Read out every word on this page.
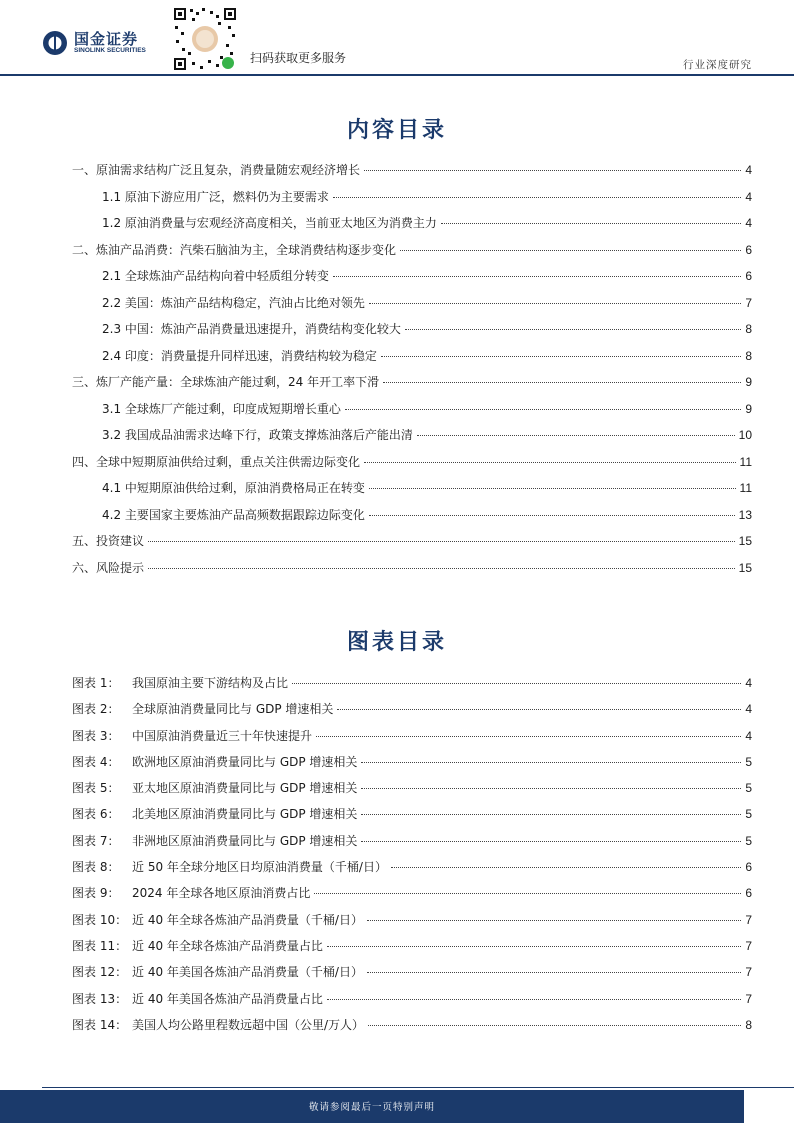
国金证券
SINOLINK SECURITIES
扫码获取更多服务	行业深度研究
内容目录
一、原油需求结构广泛且复杂，消费量随宏观经济增长	4
1.1 原油下游应用广泛，燃料仍为主要需求	4
1.2 原油消费量与宏观经济高度相关，当前亚太地区为消费主力	4
二、炼油产品消费：汽柴石脑油为主，全球消费结构逐步变化	6
2.1 全球炼油产品结构向着中轻质组分转变	6
2.2 美国：炼油产品结构稳定，汽油占比绝对领先	7
2.3 中国：炼油产品消费量迅速提升，消费结构变化较大	8
2.4 印度：消费量提升同样迅速，消费结构较为稳定	8
三、炼厂产能产量：全球炼油产能过剩，24 年开工率下滑	9
3.1 全球炼厂产能过剩，印度成短期增长重心	9
3.2 我国成品油需求达峰下行，政策支撑炼油落后产能出清	10
四、全球中短期原油供给过剩，重点关注供需边际变化	11
4.1 中短期原油供给过剩，原油消费格局正在转变	11
4.2 主要国家主要炼油产品高频数据跟踪边际变化	13
五、投资建议	15
六、风险提示	15
图表目录
图表 1：	我国原油主要下游结构及占比	4
图表 2：	全球原油消费量同比与 GDP 增速相关	4
图表 3：	中国原油消费量近三十年快速提升	4
图表 4：	欧洲地区原油消费量同比与 GDP 增速相关	5
图表 5：	亚太地区原油消费量同比与 GDP 增速相关	5
图表 6：	北美地区原油消费量同比与 GDP 增速相关	5
图表 7：	非洲地区原油消费量同比与 GDP 增速相关	5
图表 8：	近 50 年全球分地区日均原油消费量（千桶/日）	6
图表 9：	2024 年全球各地区原油消费占比	6
图表 10： 近 40 年全球各炼油产品消费量（千桶/日）	7
图表 11： 近 40 年全球各炼油产品消费量占比	7
图表 12： 近 40 年美国各炼油产品消费量（千桶/日）	7
图表 13： 近 40 年美国各炼油产品消费量占比	7
图表 14： 美国人均公路里程数远超中国（公里/万人）	8
敬请参阅最后一页特别声明
